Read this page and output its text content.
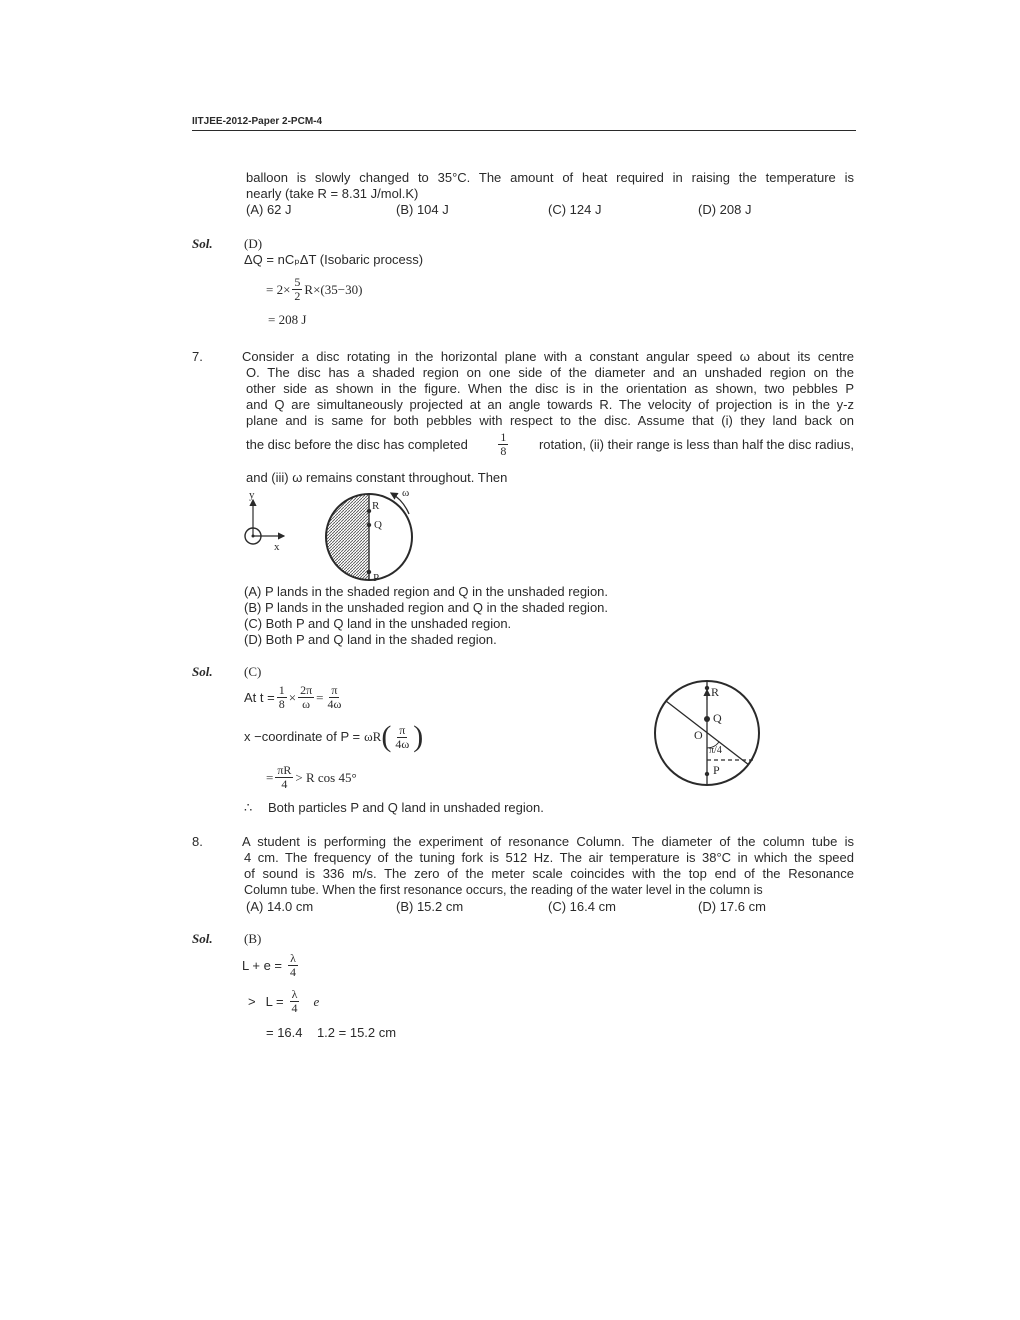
IITJEE-2012-Paper 2-PCM-4
balloon is slowly changed to 35°C. The amount of heat required in raising the temperature is
nearly (take R = 8.31 J/mol.K)
(A) 62 J	(B) 104 J	(C) 124 J	(D) 208 J
Sol. (D)
ΔQ = nCₚΔT (Isobaric process)
= $2\times \frac{5}{2} R\times(35-30)$
= 208 J
7.	Consider a disc rotating in the horizontal plane with a constant angular speed ω about its centre
O. The disc has a shaded region on one side of the diameter and an unshaded region on the
other side as shown in the figure. When the disc is in the orientation as shown, two pebbles P
and Q are simultaneously projected at an angle towards R. The velocity of projection is in the y-z
plane and is same for both pebbles with respect to the disc. Assume that (i) they land back on
the disc before the disc has completed	$\frac{1}{8}$ rotation, (ii) their range is less than half the disc radius,
and (iii) ω remains constant throughout. Then
y
x
R
Q
P
ω
(A) P lands in the shaded region and Q in the unshaded region.
(B) P lands in the unshaded region and Q in the shaded region.
(C) Both P and Q land in the unshaded region.
(D) Both P and Q land in the shaded region.
Sol. (C)
At $t = \frac{1}{8} \times \frac{2\pi}{\omega} = \frac{\pi}{4\omega}$
x −coordinate of P = ωR ( $\frac{\pi}{4\omega}$ )
= $\frac{\pi R}{4} > R$ cos 45°
∴ Both particles P and Q land in unshaded region.
R
Q
O
π/4
P
8.	A student is performing the experiment of resonance Column. The diameter of the column tube is
4 cm. The frequency of the tuning fork is 512 Hz. The air temperature is 38°C in which the speed
of sound is 336 m/s. The zero of the meter scale coincides with the top end of the Resonance
Column tube. When the first resonance occurs, the reading of the water level in the column is
(A) 14.0 cm	(B) 15.2 cm	(C) 16.4 cm	(D) 17.6 cm
Sol. (B)
$L + e = \frac{\lambda}{4}$
> $L = \frac{\lambda}{4}$ e
= 16.4    1.2 = 15.2 cm
